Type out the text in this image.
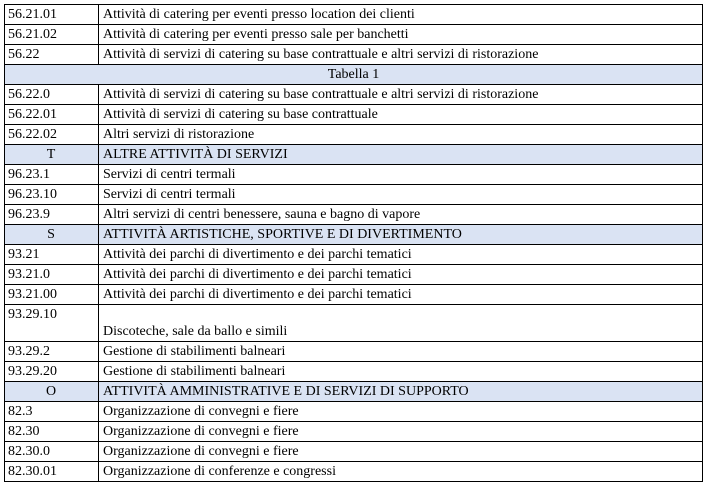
56.21.01	Attività di catering per eventi presso location dei clienti
56.21.02	Attività di catering per eventi presso sale per banchetti
56.22	Attività di servizi di catering su base contrattuale e altri servizi di ristorazione
Tabella 1	
56.22.0	Attività di servizi di catering su base contrattuale e altri servizi di ristorazione
56.22.01	Attività di servizi di catering su base contrattuale
56.22.02	Altri servizi di ristorazione
T	ALTRE ATTIVITÀ DI SERVIZI
96.23.1	Servizi di centri termali
96.23.10	Servizi di centri termali
96.23.9	Altri servizi di centri benessere, sauna e bagno di vapore
S	ATTIVITÀ ARTISTICHE, SPORTIVE E DI DIVERTIMENTO
93.21	Attività dei parchi di divertimento e dei parchi tematici
93.21.0	Attività dei parchi di divertimento e dei parchi tematici
93.21.00	Attività dei parchi di divertimento e dei parchi tematici
93.29.10	Discoteche, sale da ballo e simili
93.29.2	Gestione di stabilimenti balneari
93.29.20	Gestione di stabilimenti balneari
O	ATTIVITÀ AMMINISTRATIVE E DI SERVIZI DI SUPPORTO
82.3	Organizzazione di convegni e fiere
82.30	Organizzazione di convegni e fiere
82.30.0	Organizzazione di convegni e fiere
82.30.01	Organizzazione di conferenze e congressi
